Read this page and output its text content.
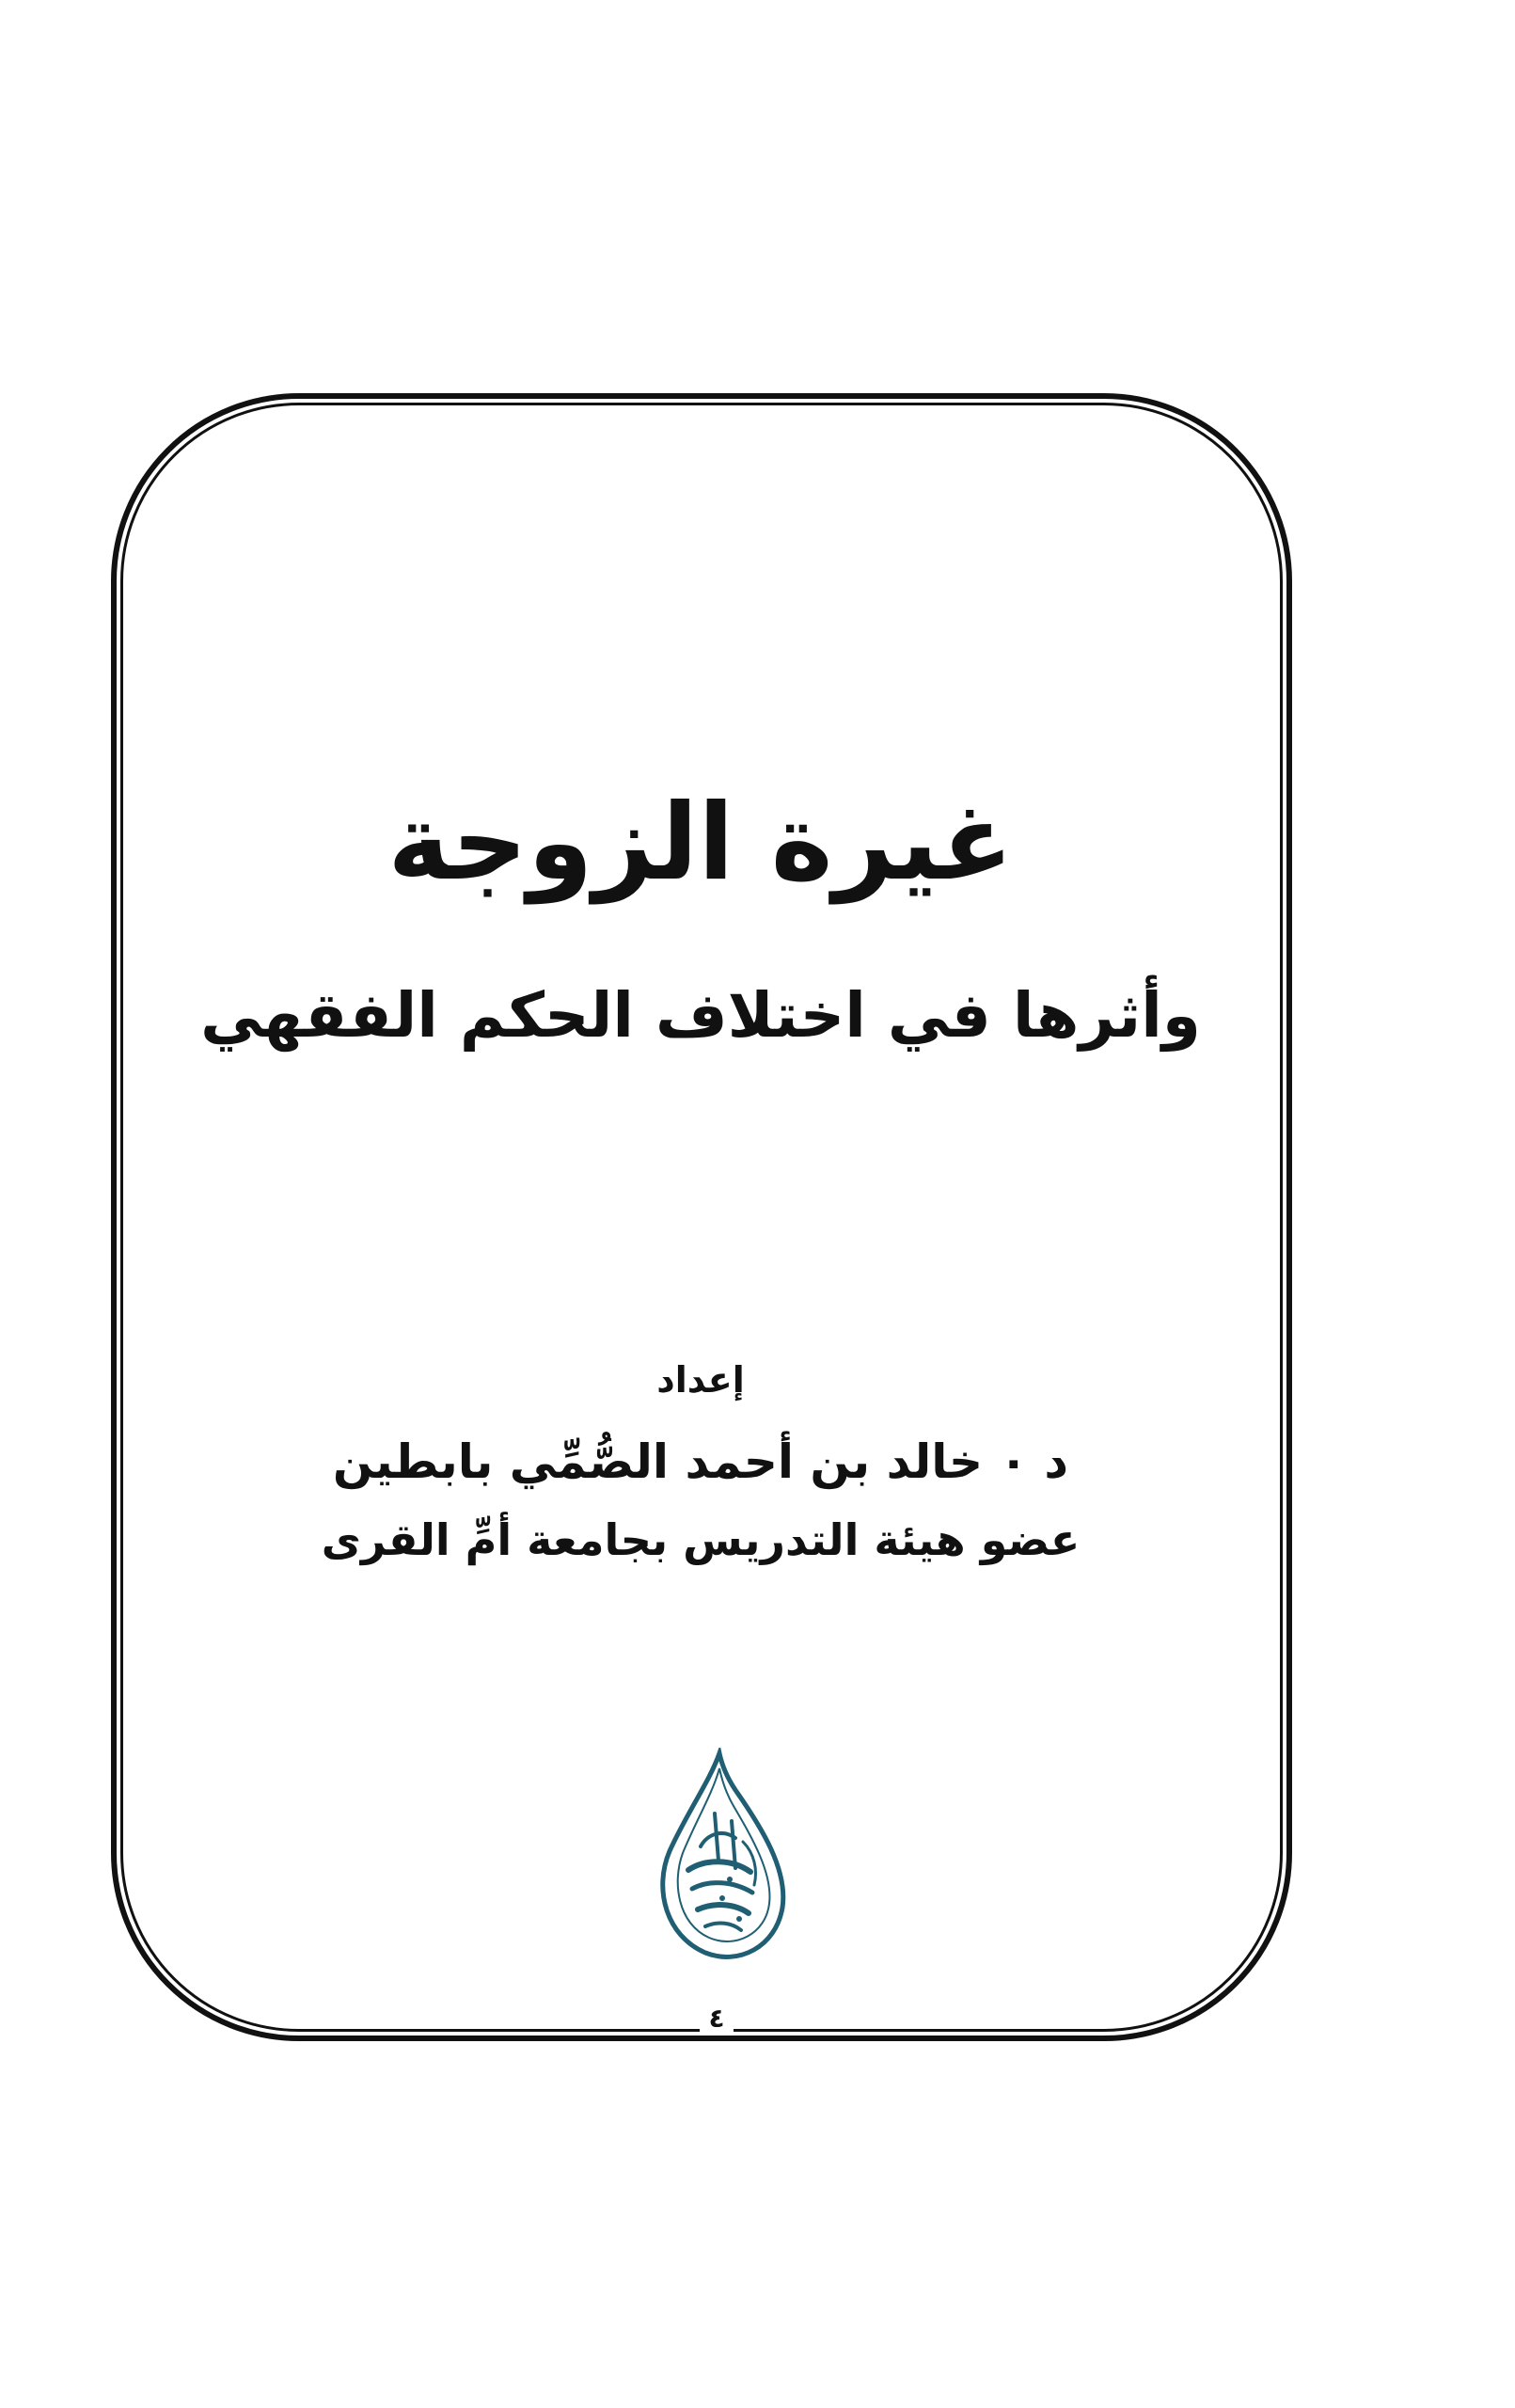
غيرة الزوجة
وأثرها في اختلاف الحكم الفقهي
إعداد
د ٠ خالد بن أحمد الصُّمِّي بابطين
عضو هيئة التدريس بجامعة أمِّ القرى
٤
